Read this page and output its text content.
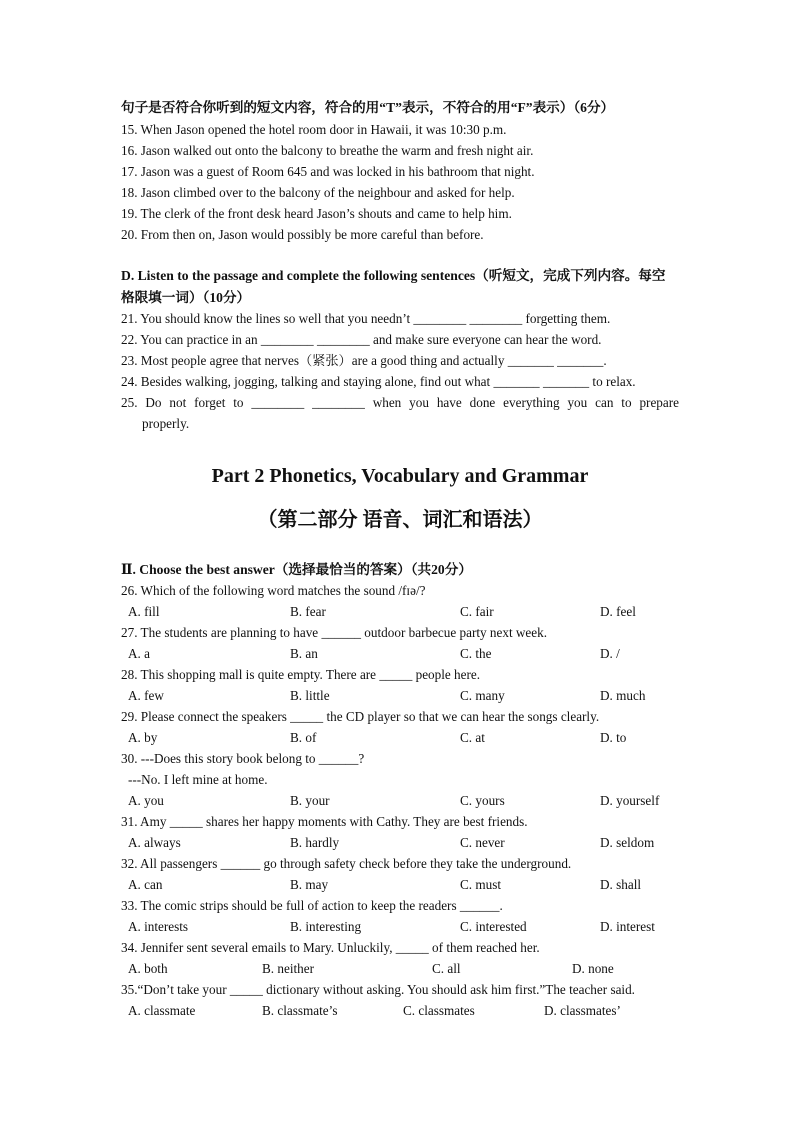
句子是否符合你听到的短文内容，符合的用“T”表示，不符合的用“F”表示）（6分）
15. When Jason opened the hotel room door in Hawaii, it was 10:30 p.m.
16. Jason walked out onto the balcony to breathe the warm and fresh night air.
17. Jason was a guest of Room 645 and was locked in his bathroom that night.
18. Jason climbed over to the balcony of the neighbour and asked for help.
19. The clerk of the front desk heard Jason’s shouts and came to help him.
20. From then on, Jason would possibly be more careful than before.
D. Listen to the passage and complete the following sentences（听短文，完成下列内容。每空
格限填一词）（10分）
21. You should know the lines so well that you needn’t ________ ________ forgetting them.
22. You can practice in an ________ ________ and make sure everyone can hear the word.
23. Most people agree that nerves（紧张）are a good thing and actually _______ _______.
24. Besides walking, jogging, talking and staying alone, find out what _______ _______ to relax.
25. Do not forget to ________ ________ when you have done everything you can to prepare
properly.
Part 2 Phonetics, Vocabulary and Grammar
（第二部分 语音、词汇和语法）
Ⅱ. Choose the best answer（选择最恰当的答案）（共20分）
26. Which of the following word matches the sound /fɪə/?
A. fill	B. fear	C. fair	D. feel
27. The students are planning to have ______ outdoor barbecue party next week.
A. a	B. an	C. the	D. /
28. This shopping mall is quite empty. There are _____ people here.
A. few	B. little	C. many	D. much
29. Please connect the speakers _____ the CD player so that we can hear the songs clearly.
A. by	B. of	C. at	D. to
30. ---Does this story book belong to ______?
---No. I left mine at home.
A. you	B. your	C. yours	D. yourself
31. Amy _____ shares her happy moments with Cathy. They are best friends.
A. always	B. hardly	C. never	D. seldom
32. All passengers ______ go through safety check before they take the underground.
A. can	B. may	C. must	D. shall
33. The comic strips should be full of action to keep the readers ______.
A. interests	B. interesting	C. interested	D. interest
34. Jennifer sent several emails to Mary. Unluckily, _____ of them reached her.
A. both	B. neither	C. all	D. none
35.“Don’t take your _____ dictionary without asking. You should ask him first.”The teacher said.
A. classmate	B. classmate’s	C. classmates	D. classmates’
